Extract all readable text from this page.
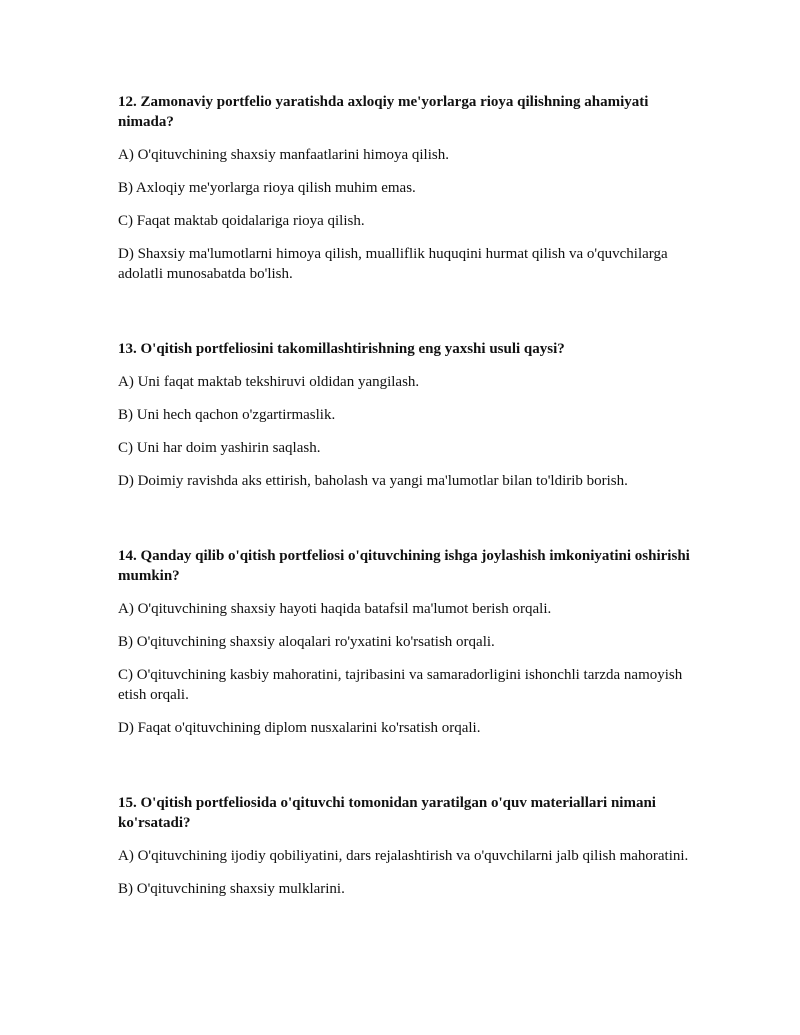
12. Zamonaviy portfelio yaratishda axloqiy me'yorlarga rioya qilishning ahamiyati nimada?

A) O'qituvchining shaxsiy manfaatlarini himoya qilish.

B) Axloqiy me'yorlarga rioya qilish muhim emas.

C) Faqat maktab qoidalariga rioya qilish.

D) Shaxsiy ma'lumotlarni himoya qilish, mualliflik huquqini hurmat qilish va o'quvchilarga adolatli munosabatda bo'lish.

13. O'qitish portfeliosini takomillashtirishning eng yaxshi usuli qaysi?

A) Uni faqat maktab tekshiruvi oldidan yangilash.

B) Uni hech qachon o'zgartirmaslik.

C) Uni har doim yashirin saqlash.

D) Doimiy ravishda aks ettirish, baholash va yangi ma'lumotlar bilan to'ldirib borish.

14. Qanday qilib o'qitish portfeliosi o'qituvchining ishga joylashish imkoniyatini oshirishi mumkin?

A) O'qituvchining shaxsiy hayoti haqida batafsil ma'lumot berish orqali.

B) O'qituvchining shaxsiy aloqalari ro'yxatini ko'rsatish orqali.

C) O'qituvchining kasbiy mahoratini, tajribasini va samaradorligini ishonchli tarzda namoyish etish orqali.

D) Faqat o'qituvchining diplom nusxalarini ko'rsatish orqali.

15. O'qitish portfeliosida o'qituvchi tomonidan yaratilgan o'quv materiallari nimani ko'rsatadi?

A) O'qituvchining ijodiy qobiliyatini, dars rejalashtirish va o'quvchilarni jalb qilish mahoratini.

B) O'qituvchining shaxsiy mulklarini.
